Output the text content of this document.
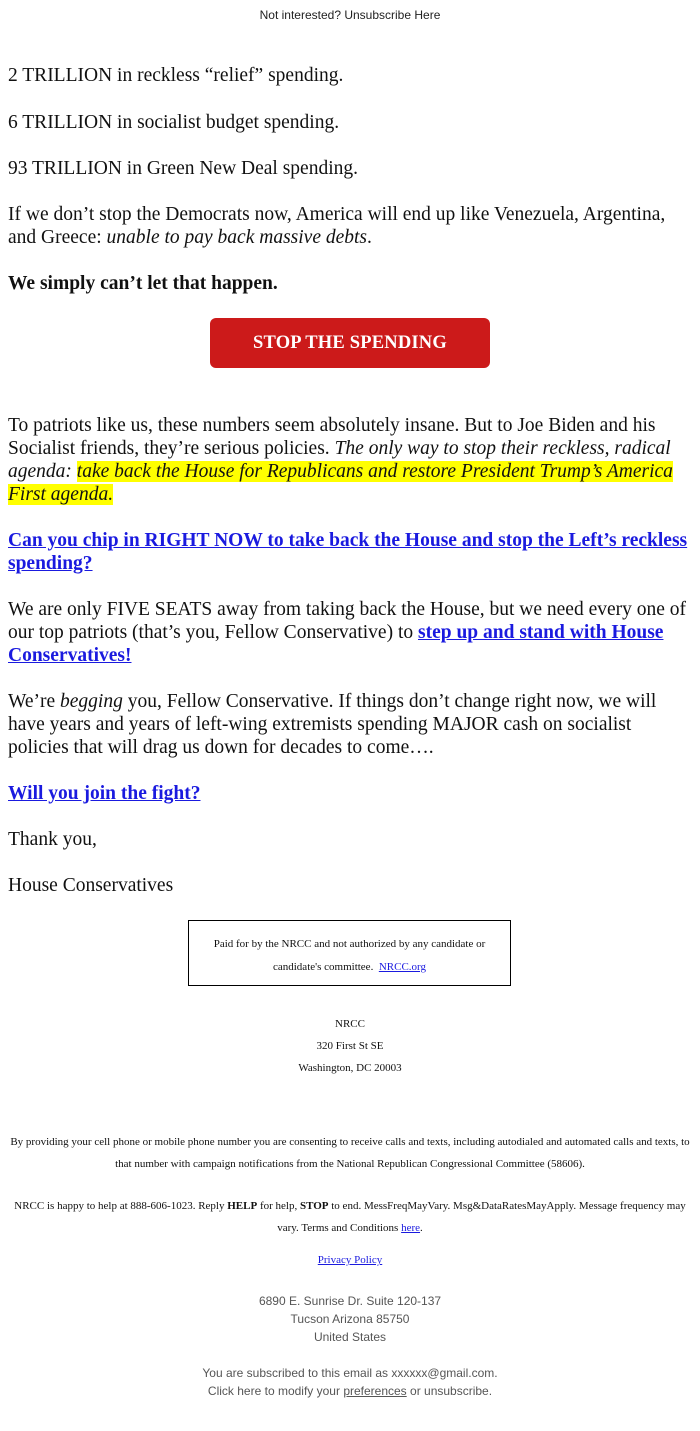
Not interested? Unsubscribe Here

2 TRILLION in reckless “relief” spending.

6 TRILLION in socialist budget spending.

93 TRILLION in Green New Deal spending.

If we don’t stop the Democrats now, America will end up like Venezuela, Argentina, and Greece: unable to pay back massive debts.

We simply can’t let that happen.

STOP THE SPENDING

To patriots like us, these numbers seem absolutely insane. But to Joe Biden and his Socialist friends, they’re serious policies. The only way to stop their reckless, radical agenda: take back the House for Republicans and restore President Trump’s America First agenda.

Can you chip in RIGHT NOW to take back the House and stop the Left’s reckless spending?

We are only FIVE SEATS away from taking back the House, but we need every one of our top patriots (that’s you, Fellow Conservative) to step up and stand with House Conservatives!

We’re begging you, Fellow Conservative. If things don’t change right now, we will have years and years of left-wing extremists spending MAJOR cash on socialist policies that will drag us down for decades to come….

Will you join the fight?

Thank you,

House Conservatives

Paid for by the NRCC and not authorized by any candidate or candidate's committee. NRCC.org
NRCC
320 First St SE
Washington, DC 20003
By providing your cell phone or mobile phone number you are consenting to receive calls and texts, including autodialed and automated calls and texts, to that number with campaign notifications from the National Republican Congressional Committee (58606).
NRCC is happy to help at 888-606-1023. Reply HELP for help, STOP to end. MessFreqMayVary. Msg&DataRatesMayApply. Message frequency may vary. Terms and Conditions here.
Privacy Policy
6890 E. Sunrise Dr. Suite 120-137
Tucson Arizona 85750
United States
You are subscribed to this email as xxxxxx@gmail.com.
Click here to modify your preferences or unsubscribe.
